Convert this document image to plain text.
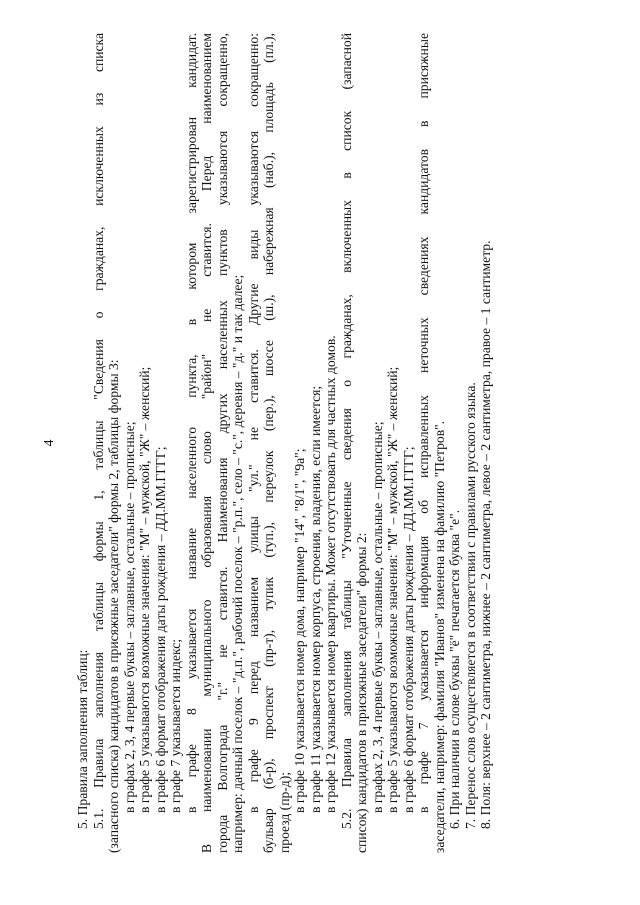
4
5. Правила заполнения таблиц: 5.1. Правила заполнения таблицы формы 1, таблицы "Сведения о гражданах, исключенных из списка (запасного списка) кандидатов в присяжные заседатели" формы 2, таблицы формы 3: в графах 2, 3, 4 первые буквы – заглавные, остальные – прописные; в графе 5 указываются возможные значения: "М" – мужской, "Ж" – женский; в графе 6 формат отображения даты рождения – ДД.ММ.ГГГГ; в графе 7 указывается индекс; в графе 8 указывается название населенного пункта, в котором зарегистрирован кандидат. В наименовании муниципального образования слово "район" не ставится. Перед наименованием города Волгограда "г." не ставится. Наименования других населенных пунктов указываются сокращенно, например: дачный поселок – "д.п.", рабочий поселок – "р.п.", село – "с.", деревня – "д." и так далее; в графе 9 перед названием улицы "ул." не ставится. Другие виды указываются сокращенно: бульвар (б-р), проспект (пр-т), тупик (туп.), переулок (пер.), шоссе (ш.), набережная (наб.), площадь (пл.), проезд (пр-д); в графе 10 указывается номер дома, например "14", "8/1", "9а"; в графе 11 указывается номер корпуса, строения, владения, если имеется; в графе 12 указывается номер квартиры. Может отсутствовать для частных домов. 5.2. Правила заполнения таблицы "Уточненные сведения о гражданах, включенных в список (запасной список) кандидатов в присяжные заседатели" формы 2: в графах 2, 3, 4 первые буквы – заглавные, остальные – прописные; в графе 5 указываются возможные значения: "М" – мужской, "Ж" – женский; в графе 6 формат отображения даты рождения – ДД.ММ.ГГГГ; в графе 7 указывается информация об исправленных неточных сведениях кандидатов в присяжные заседатели, например: фамилия "Иванов" изменена на фамилию "Петров". 6. При наличии в слове буквы "ё" печатается буква "е". 7. Перенос слов осуществляется в соответствии с правилами русского языка. 8. Поля: верхнее – 2 сантиметра, нижнее – 2 сантиметра, левое – 2 сантиметра, правое – 1 сантиметр.
